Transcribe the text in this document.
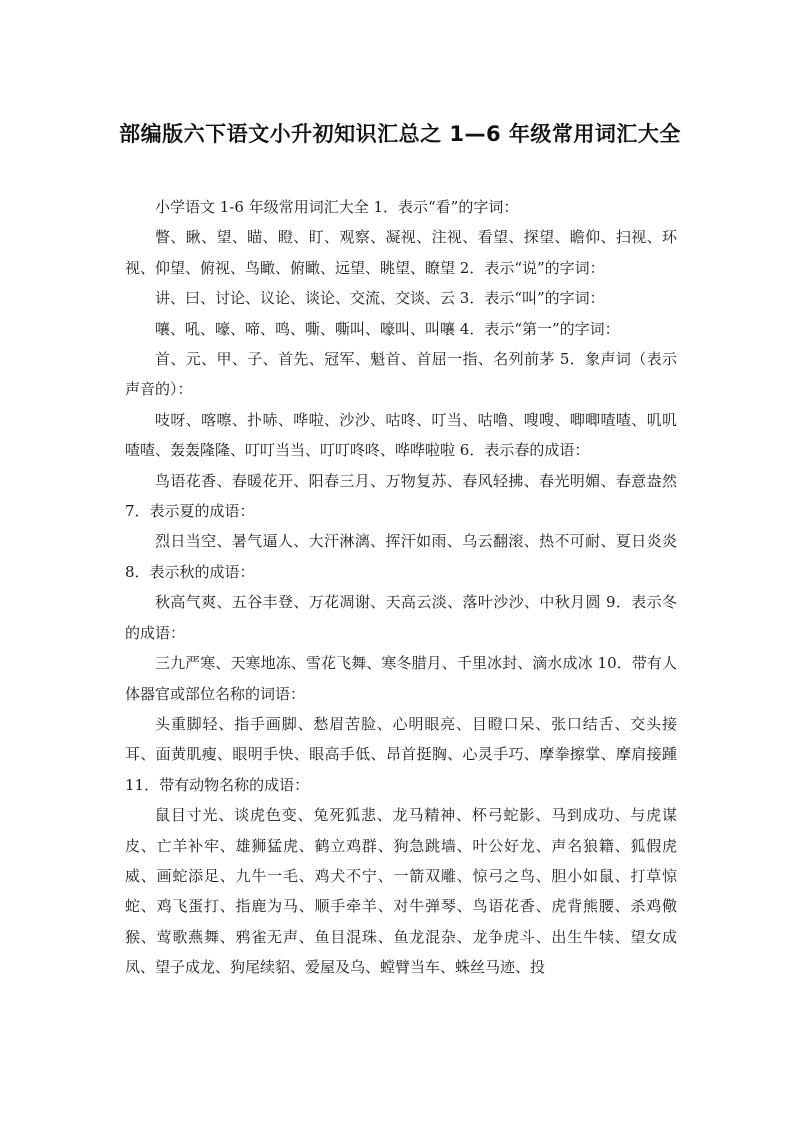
部编版六下语文小升初知识汇总之 1—6 年级常用词汇大全

小学语文 1-6 年级常用词汇大全 1．表示“看”的字词：

瞥、瞅、望、瞄、瞪、盯、观察、凝视、注视、看望、探望、瞻仰、扫视、环视、仰望、俯视、鸟瞰、俯瞰、远望、眺望、瞭望 2．表示“说”的字词：

讲、曰、讨论、议论、谈论、交流、交谈、云 3．表示“叫”的字词：

嚷、吼、嚎、啼、鸣、嘶、嘶叫、嚎叫、叫嚷 4．表示“第一”的字词：

首、元、甲、子、首先、冠军、魁首、首屈一指、名列前茅 5．象声词（表示声音的）：

吱呀、喀嚓、扑哧、哗啦、沙沙、咕咚、叮当、咕噜、嗖嗖、唧唧喳喳、叽叽喳喳、轰轰隆隆、叮叮当当、叮叮咚咚、哗哗啦啦 6．表示春的成语：

鸟语花香、春暖花开、阳春三月、万物复苏、春风轻拂、春光明媚、春意盎然 7．表示夏的成语：

烈日当空、暑气逼人、大汗淋漓、挥汗如雨、乌云翻滚、热不可耐、夏日炎炎 8．表示秋的成语：

秋高气爽、五谷丰登、万花凋谢、天高云淡、落叶沙沙、中秋月圆 9．表示冬的成语：

三九严寒、天寒地冻、雪花飞舞、寒冬腊月、千里冰封、滴水成冰 10．带有人体器官或部位名称的词语：

头重脚轻、指手画脚、愁眉苦脸、心明眼亮、目瞪口呆、张口结舌、交头接耳、面黄肌瘦、眼明手快、眼高手低、昂首挺胸、心灵手巧、摩拳擦掌、摩肩接踵 11．带有动物名称的成语：

鼠目寸光、谈虎色变、兔死狐悲、龙马精神、杯弓蛇影、马到成功、与虎谋皮、亡羊补牢、雄狮猛虎、鹤立鸡群、狗急跳墙、叶公好龙、声名狼籍、狐假虎威、画蛇添足、九牛一毛、鸡犬不宁、一箭双雕、惊弓之鸟、胆小如鼠、打草惊蛇、鸡飞蛋打、指鹿为马、顺手牵羊、对牛弹琴、鸟语花香、虎背熊腰、杀鸡儆猴、莺歌燕舞、鸦雀无声、鱼目混珠、鱼龙混杂、龙争虎斗、出生牛犊、望女成凤、望子成龙、狗尾续貂、爱屋及乌、螳臂当车、蛛丝马迹、投
